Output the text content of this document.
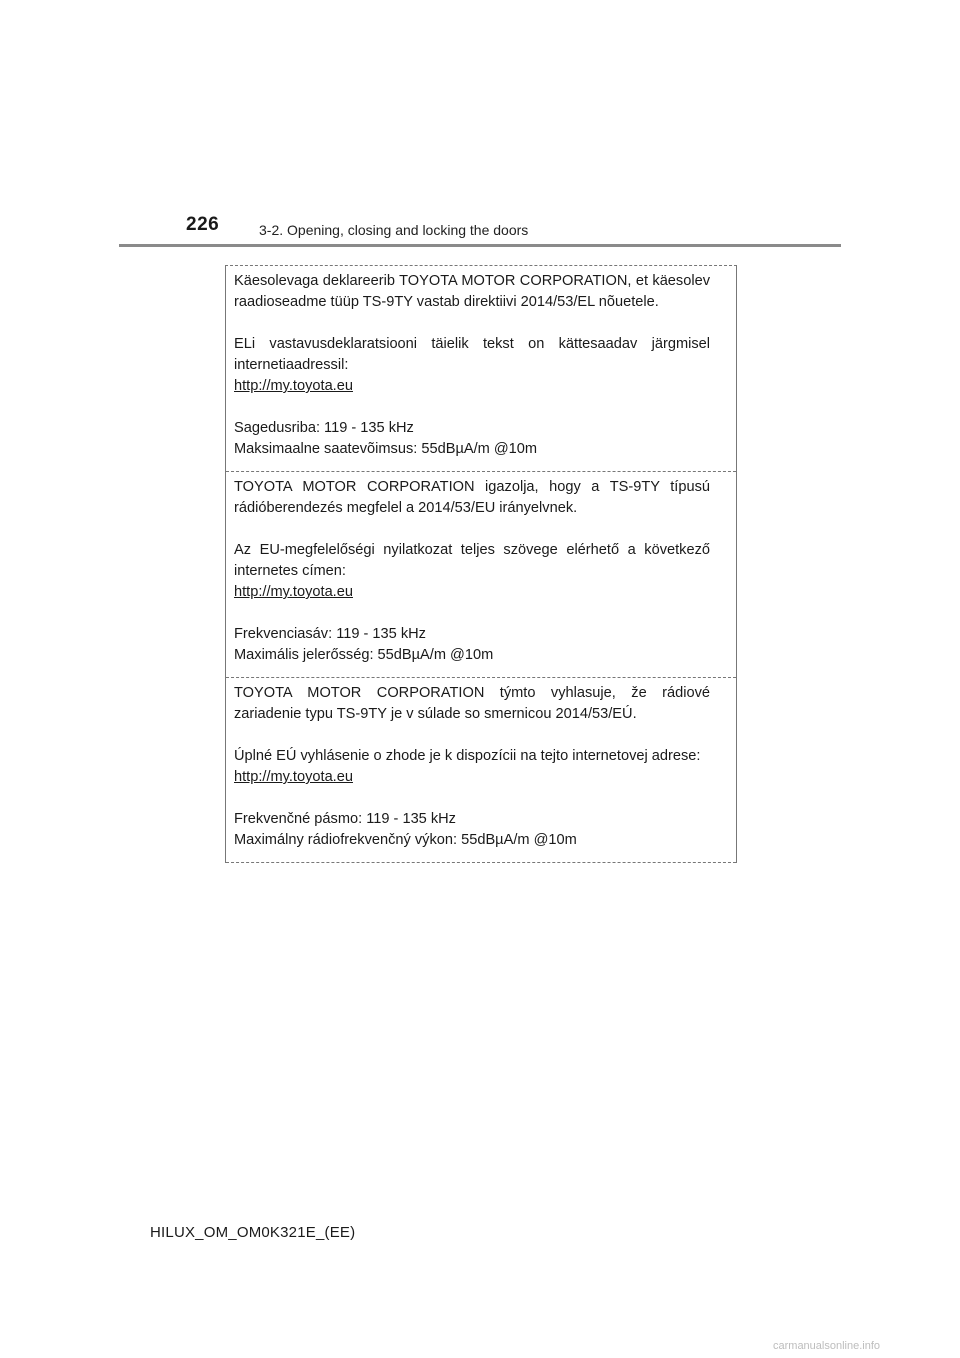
226	3-2. Opening, closing and locking the doors

Käesolevaga deklareerib TOYOTA MOTOR CORPORATION, et käesolev raadioseadme tüüp TS-9TY vastab direktiivi 2014/53/EL nõuetele.

ELi vastavusdeklaratsiooni täielik tekst on kättesaadav järgmisel internetiaadressil:

http://my.toyota.eu

Sagedusriba: 119 - 135 kHz

Maksimaalne saatevõimsus: 55dBµA/m @10m

TOYOTA MOTOR CORPORATION igazolja, hogy a TS-9TY típusú rádióberendezés megfelel a 2014/53/EU irányelvnek.

Az EU-megfelelőségi nyilatkozat teljes szövege elérhető a következő internetes címen:

http://my.toyota.eu

Frekvenciasáv: 119 - 135 kHz

Maximális jelerősség: 55dBµA/m @10m

TOYOTA MOTOR CORPORATION týmto vyhlasuje, že rádiové zariadenie typu TS-9TY je v súlade so smernicou 2014/53/EÚ.

Úplné EÚ vyhlásenie o zhode je k dispozícii na tejto internetovej adrese:

http://my.toyota.eu

Frekvenčné pásmo: 119 - 135 kHz

Maximálny rádiofrekvenčný výkon: 55dBµA/m @10m

HILUX_OM_OM0K321E_(EE)
carmanualsonline.info
